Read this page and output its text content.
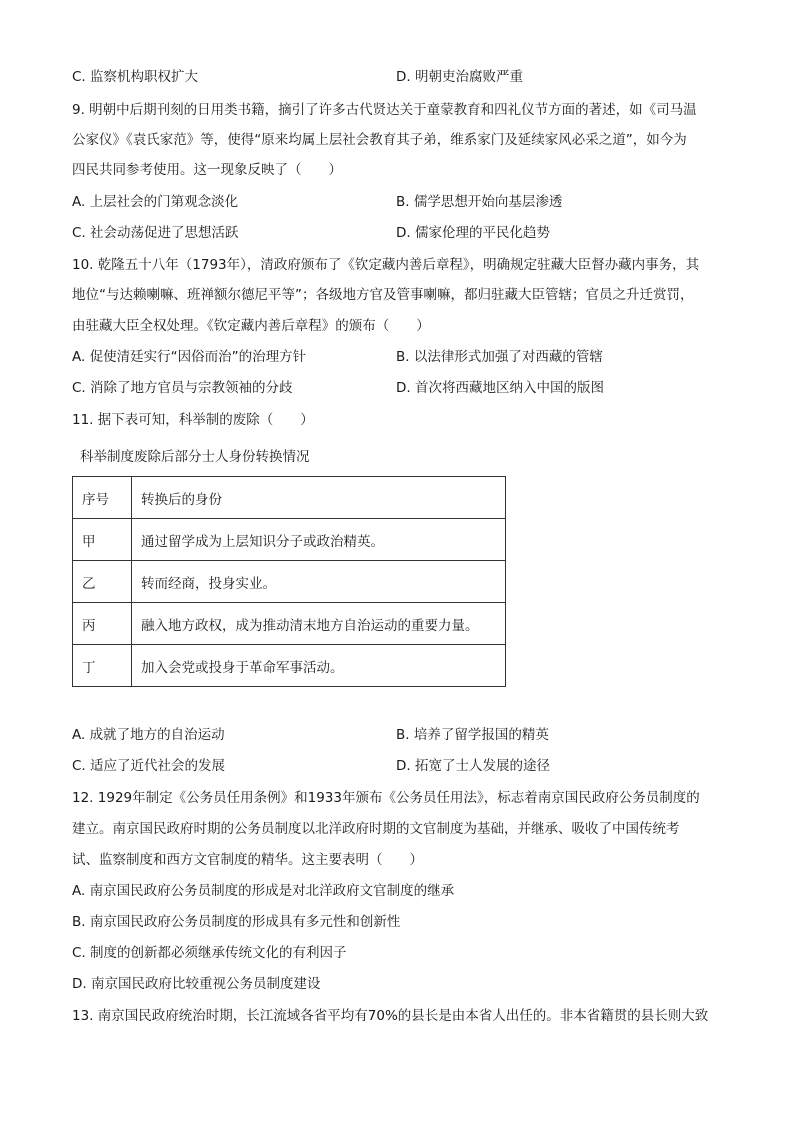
C. 监察机构职权扩大	D. 明朝吏治腐败严重
9. 明朝中后期刊刻的日用类书籍，摘引了许多古代贤达关于童蒙教育和四礼仪节方面的著述，如《司马温
公家仪》《袁氏家范》等，使得“原来均属上层社会教育其子弟，维系家门及延续家风必采之道”，如今为
四民共同参考使用。这一现象反映了（　　）
A. 上层社会的门第观念淡化	B. 儒学思想开始向基层渗透
C. 社会动荡促进了思想活跃	D. 儒家伦理的平民化趋势
10. 乾隆五十八年（1793年），清政府颁布了《钦定藏内善后章程》，明确规定驻藏大臣督办藏内事务，其
地位“与达赖喇嘛、班禅额尔德尼平等”；各级地方官及管事喇嘛，都归驻藏大臣管辖；官员之升迁赏罚，
由驻藏大臣全权处理。《钦定藏内善后章程》的颁布（　　）
A. 促使清廷实行“因俗而治”的治理方针	B. 以法律形式加强了对西藏的管辖
C. 消除了地方官员与宗教领袖的分歧	D. 首次将西藏地区纳入中国的版图
11. 据下表可知，科举制的废除（　　）
科举制度废除后部分士人身份转换情况
序号	转换后的身份
甲	通过留学成为上层知识分子或政治精英。
乙	转而经商，投身实业。
丙	融入地方政权，成为推动清末地方自治运动的重要力量。
丁	加入会党或投身于革命军事活动。
A. 成就了地方的自治运动	B. 培养了留学报国的精英
C. 适应了近代社会的发展	D. 拓宽了士人发展的途径
12. 1929年制定《公务员任用条例》和1933年颁布《公务员任用法》，标志着南京国民政府公务员制度的
建立。南京国民政府时期的公务员制度以北洋政府时期的文官制度为基础，并继承、吸收了中国传统考
试、监察制度和西方文官制度的精华。这主要表明（　　）
A. 南京国民政府公务员制度的形成是对北洋政府文官制度的继承
B. 南京国民政府公务员制度的形成具有多元性和创新性
C. 制度的创新都必须继承传统文化的有利因子
D. 南京国民政府比较重视公务员制度建设
13. 南京国民政府统治时期，长江流域各省平均有70%的县长是由本省人出任的。非本省籍贯的县长则大致
